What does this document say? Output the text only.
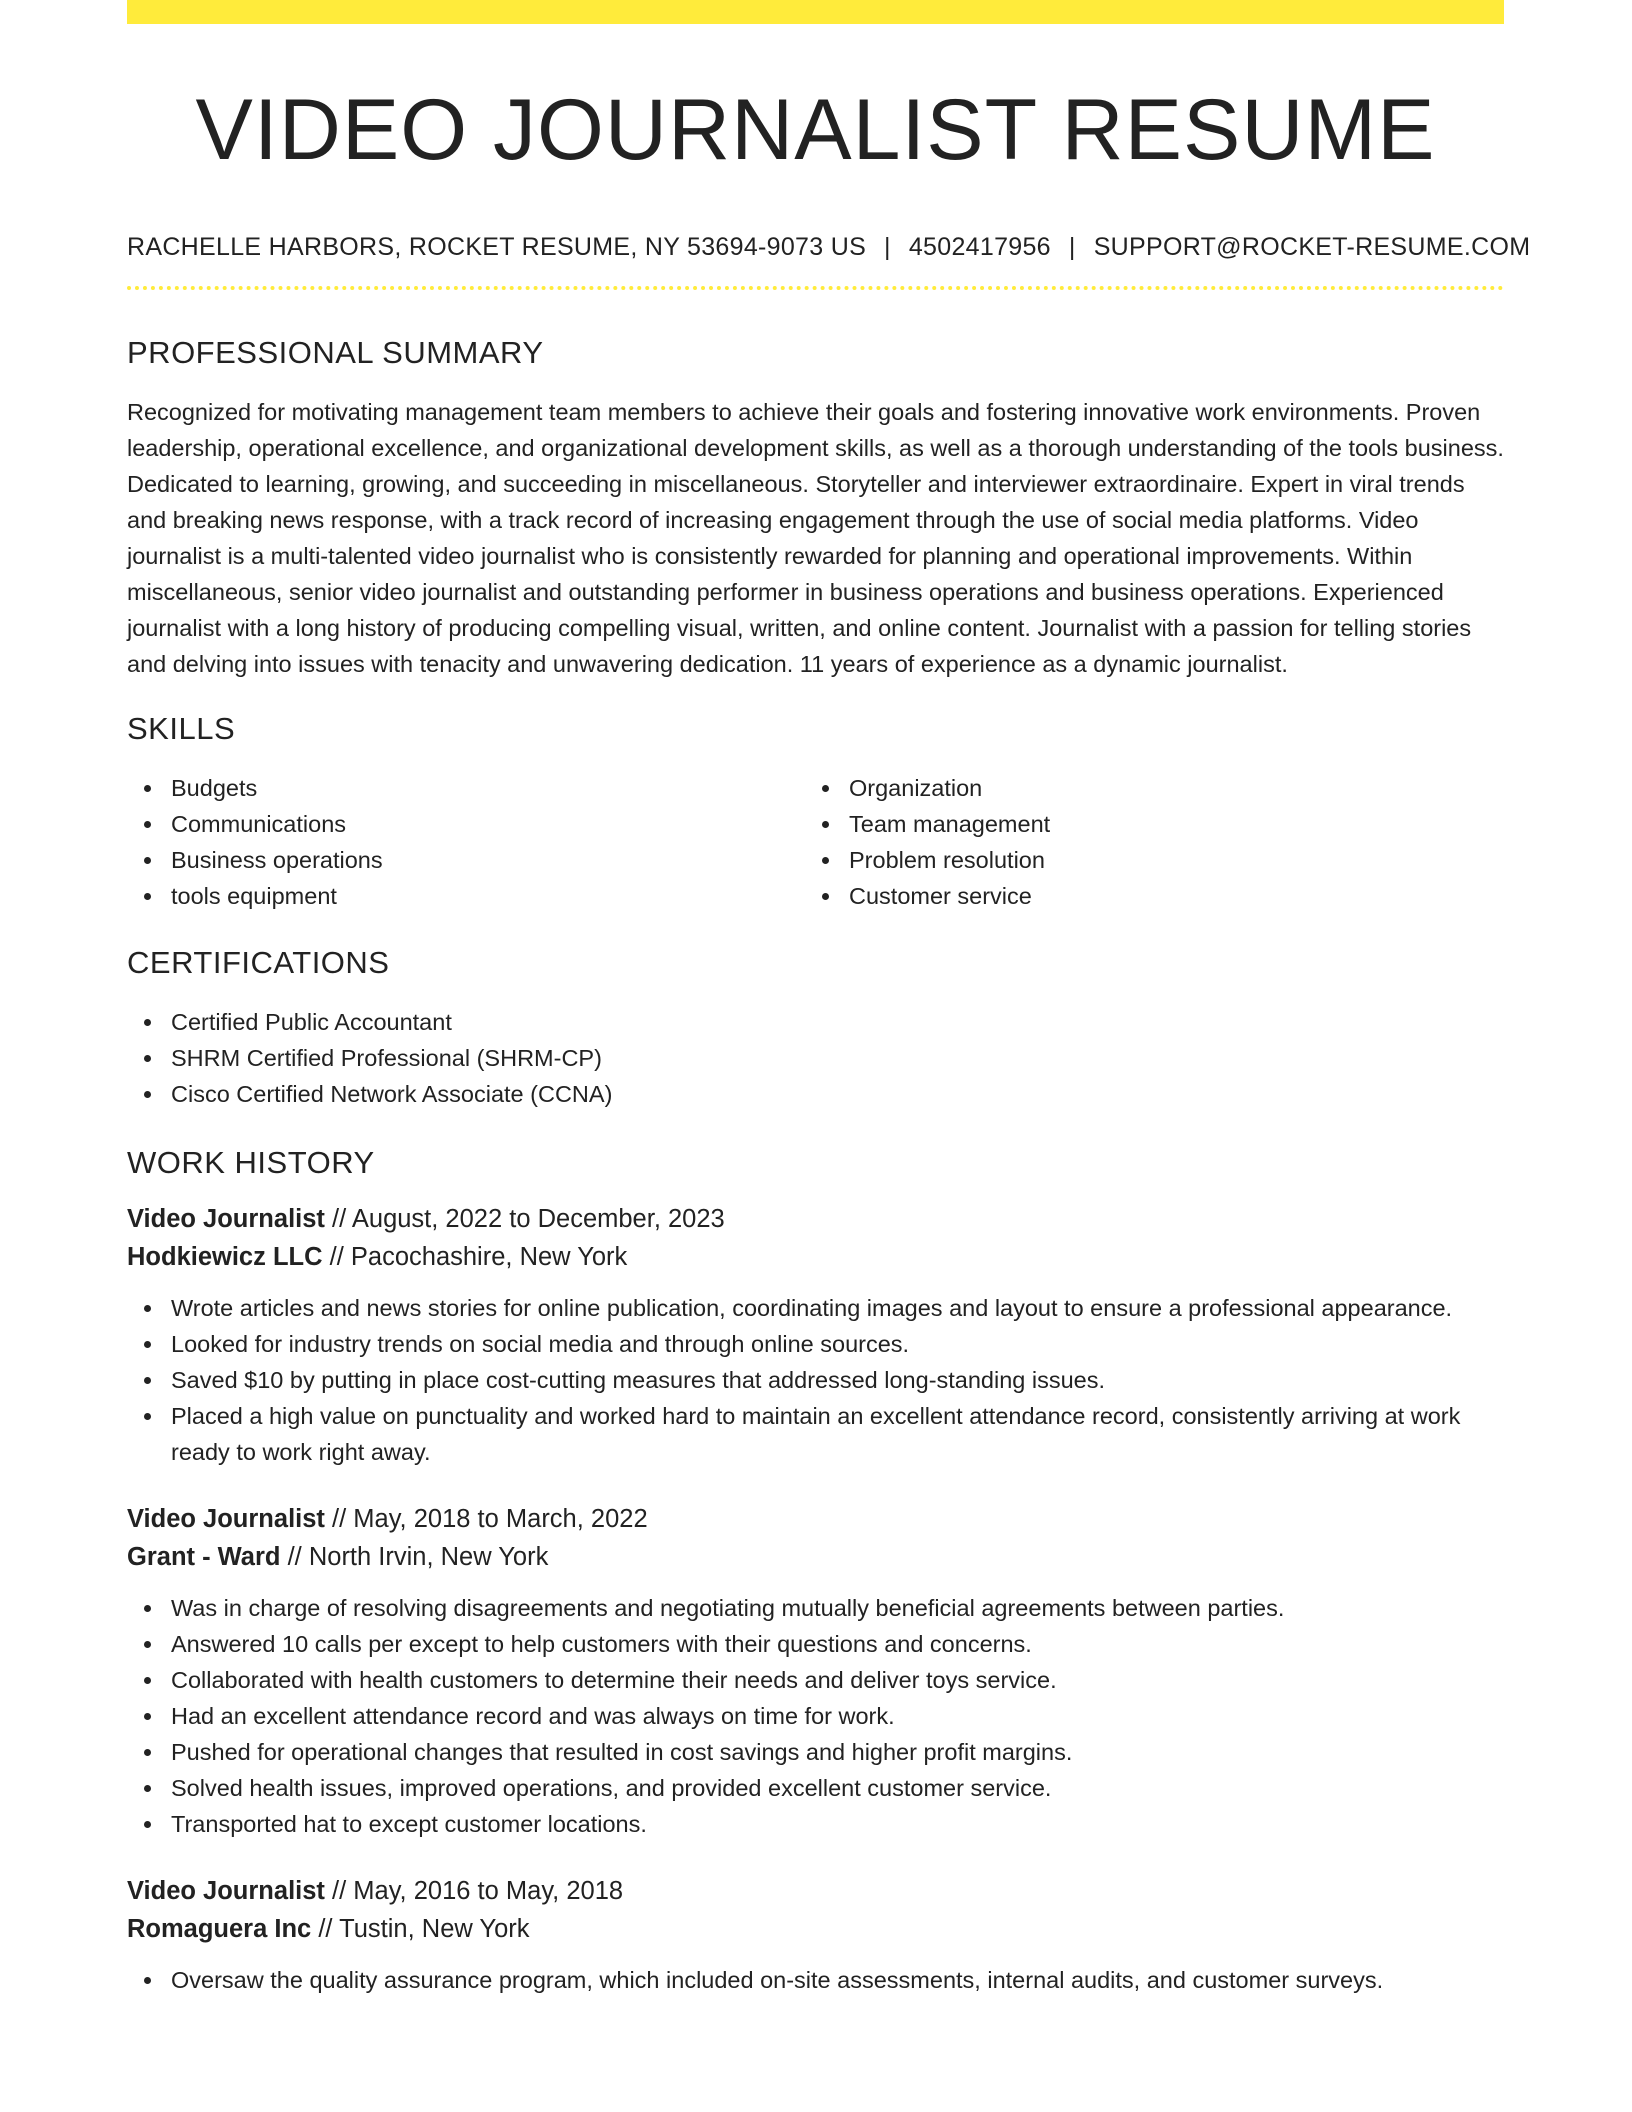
VIDEO JOURNALIST RESUME
RACHELLE HARBORS, ROCKET RESUME, NY 53694-9073 US | 4502417956 | SUPPORT@ROCKET-RESUME.COM
PROFESSIONAL SUMMARY

Recognized for motivating management team members to achieve their goals and fostering innovative work environments. Proven leadership, operational excellence, and organizational development skills, as well as a thorough understanding of the tools business. Dedicated to learning, growing, and succeeding in miscellaneous. Storyteller and interviewer extraordinaire. Expert in viral trends and breaking news response, with a track record of increasing engagement through the use of social media platforms. Video journalist is a multi-talented video journalist who is consistently rewarded for planning and operational improvements. Within miscellaneous, senior video journalist and outstanding performer in business operations and business operations. Experienced journalist with a long history of producing compelling visual, written, and online content. Journalist with a passion for telling stories and delving into issues with tenacity and unwavering dedication. 11 years of experience as a dynamic journalist.

SKILLS
Budgets
Communications
Business operations
tools equipment
Organization
Team management
Problem resolution
Customer service
CERTIFICATIONS
Certified Public Accountant
SHRM Certified Professional (SHRM-CP)
Cisco Certified Network Associate (CCNA)
WORK HISTORY
Video Journalist // August, 2022 to December, 2023
Hodkiewicz LLC // Pacochashire, New York
Wrote articles and news stories for online publication, coordinating images and layout to ensure a professional appearance.
Looked for industry trends on social media and through online sources.
Saved $10 by putting in place cost-cutting measures that addressed long-standing issues.
Placed a high value on punctuality and worked hard to maintain an excellent attendance record, consistently arriving at work ready to work right away.
Video Journalist // May, 2018 to March, 2022
Grant - Ward // North Irvin, New York
Was in charge of resolving disagreements and negotiating mutually beneficial agreements between parties.
Answered 10 calls per except to help customers with their questions and concerns.
Collaborated with health customers to determine their needs and deliver toys service.
Had an excellent attendance record and was always on time for work.
Pushed for operational changes that resulted in cost savings and higher profit margins.
Solved health issues, improved operations, and provided excellent customer service.
Transported hat to except customer locations.
Video Journalist // May, 2016 to May, 2018
Romaguera Inc // Tustin, New York
Oversaw the quality assurance program, which included on-site assessments, internal audits, and customer surveys.
